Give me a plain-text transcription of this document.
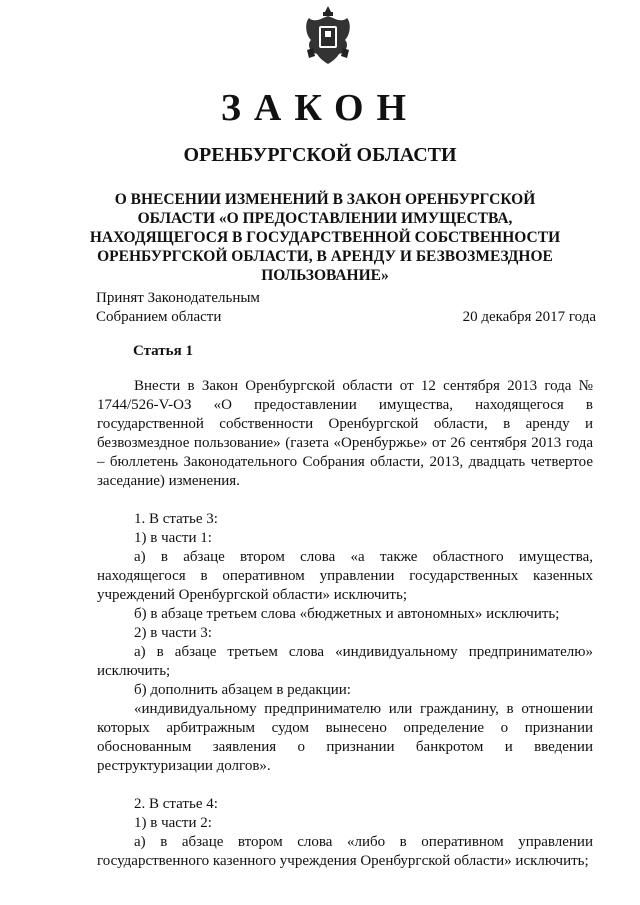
ЗАКОН
ОРЕНБУРГСКОЙ ОБЛАСТИ
О ВНЕСЕНИИ ИЗМЕНЕНИЙ В ЗАКОН ОРЕНБУРГСКОЙ ОБЛАСТИ «О ПРЕДОСТАВЛЕНИИ ИМУЩЕСТВА, НАХОДЯЩЕГОСЯ В ГОСУДАРСТВЕННОЙ СОБСТВЕННОСТИ ОРЕНБУРГСКОЙ ОБЛАСТИ, В АРЕНДУ И БЕЗВОЗМЕЗДНОЕ ПОЛЬЗОВАНИЕ»
Принят Законодательным
Собранием области	20 декабря 2017 года
Статья 1

Внести в Закон Оренбургской области от 12 сентября 2013 года № 1744/526-V-ОЗ «О предоставлении имущества, находящегося в государственной собственности Оренбургской области, в аренду и безвозмездное пользование» (газета «Оренбуржье» от 26 сентября 2013 года – бюллетень Законодательного Собрания области, 2013, двадцать четвертое заседание) изменения.

1. В статье 3:

1) в части 1:

а) в абзаце втором слова «а также областного имущества, находящегося в оперативном управлении государственных казенных учреждений Оренбургской области» исключить;

б) в абзаце третьем слова «бюджетных и автономных» исключить;

2) в части 3:

а) в абзаце третьем слова «индивидуальному предпринимателю» исключить;

б) дополнить абзацем в редакции:

«индивидуальному предпринимателю или гражданину, в отношении которых арбитражным судом вынесено определение о признании обоснованным заявления о признании банкротом и введении реструктуризации долгов».

2. В статье 4:

1) в части 2:

а) в абзаце втором слова «либо в оперативном управлении государственного казенного учреждения Оренбургской области» исключить;
